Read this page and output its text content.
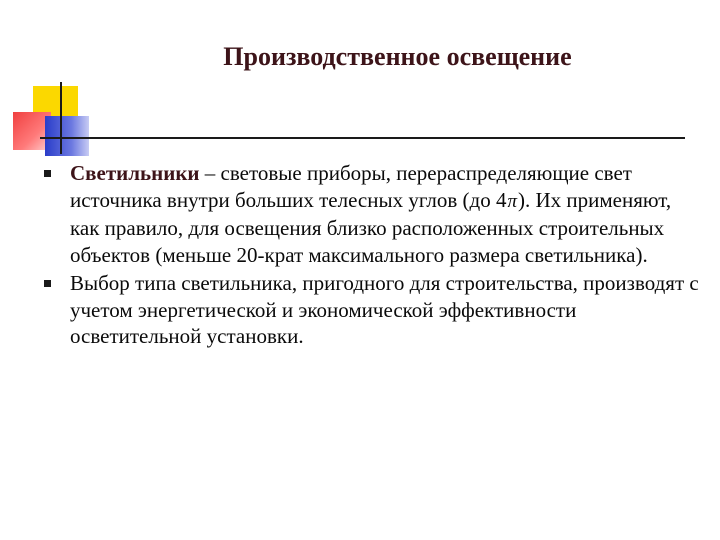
Производственное освещение
Светильники – световые приборы, перераспределяющие свет источника внутри больших телесных углов (до 4π). Их применяют, как правило, для освещения близко расположенных строительных объектов (меньше 20-крат максимального размера светильника).
Выбор типа светильника, пригодного для строительства, производят с учетом энергетической и экономической эффективности осветительной установки.
